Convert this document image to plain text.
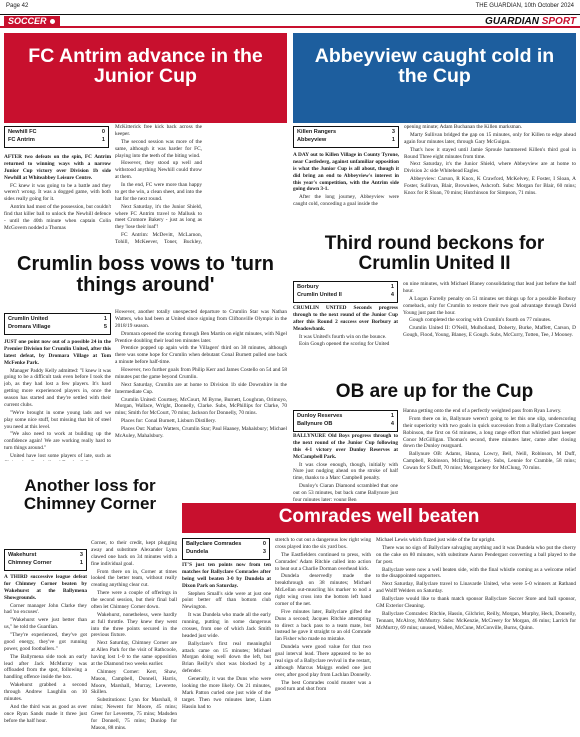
Page 42	THE GUARDIAN, 10th October 2024
SOCCER	GUARDIAN SPORT
FC Antrim advance in the Junior Cup
Newhill FC	0
FC Antrim	1

AFTER two defeats on the spin, FC Antrim returned to winning ways with a narrow Junior Cup victory over Division 1b side Newhill at Whiteabbey Leisure Centre.

FC knew it was going to be a battle and they weren't wrong. It was a dogged game, with both sides really going for it.

Antrim had most of the possession, but couldn't find that killer ball to unlock the Newhill defence - until the 40th minute when captain Colin McGovern nodded a Thomas

McKitterick free kick back across the keeper.

The second session was more of the same, although it was harder for FC, playing into the teeth of the biting wind.

However, they stood up well and withstood anything Newhill could throw at them.

In the end, FC were more than happy to get the win, a clean sheet, and into the hat for the next round.

Next Saturday, it's the Junior Shield, where FC Antrim travel to Mallusk to meet Cromore Bakery - just as long as they 'lose their loaf'!

FC Antrim: McDevitt, McLarnon, Tohill, McKeever, Toner, Buckley,

Abbeyview caught cold in the Cup
Killen Rangers	3
Abbeyview	1

A DAY out to Killen Village in County Tyrone, near Castlederg, against unfamiliar opposition is what the Junior Cup is all about, though it did bring an end to Abbeyview's interest in this year's competition, with the Antrim side going down 3-1.

After the long journey, Abbeyview were caught cold, conceding a goal inside the

opening minute; Adam Buchanan the Killen marksman.

Marty Sullivan bridged the gap on 15 minutes, only for Killen to edge ahead again four minutes later, through Gary McGuigan.

That's how it stayed until Jamie Sproule hammered Killen's third goal in Round Three eight minutes from time.

Next Saturday, it's the Junior Shield, where Abbeyview are at home to Division 2c side Whitehead Eagles.

Abbeyview: Carson, R Knox, K Crawford, McKelvey, E Foster, I Sloan, A Foster, Sullivan, Blair, Brownlees, Ashcroft. Subs: Morgan for Blair, 60 mins; Knox for R Sloan, 70 mins; Hutchinson for Simpson, 71 mins.

Crumlin boss vows to 'turn things around'
Crumlin United	1
Dromara Village	5

JUST one point now out of a possible 24 in the Premier Division for Crumlin United, after this latest defeat, by Dromara Village at Tom McFenke Park.

Manager Paddy Kelly admitted: "I knew it was going to be a difficult task even before I took the job, as they had lost a few players. It's hard getting more experienced players in, once the season has started and they're settled with their current clubs.

"We're brought in some young lads and we play some nice stuff, but missing that bit of steel you need at this level.

"We also need to work at building up the confidence again! We are working really hard to turn things around."

United have lost some players of late, such as

However, another totally unexpected departure to Crumlin Star was Nathan Watters, who had been at United since signing from Cliftonville Olympic in the 2018/19 season.

Dromara opened the scoring through Ben Martin on eight minutes, with Nigel Prentice doubling their lead ten minutes later.

Prentice popped up again with the Villagers' third on 38 minutes, although there was some hope for Crumlin when debutant Conal Burnett pulled one back a minute before half-time.

However, two further goals from Philip Kerr and James Costello on 54 and 58 minutes put the game beyond Crumlin.

Next Saturday, Crumlin are at home to Division 1b side Downshire in the Intermediate Cup.

Crumlin United: Courtney, McCourt, M Byrne, Burnett, Loughran, Orimoyo, Morgan, Wallace, Wright, Donnelly, Clarke. Subs, McPhillips for Clarke, 70 mins; Smith for McCourt, 70 mins; Jackson for Donnelly, 70 mins.

Places for: Conal Burnett, Lisburn Distillery.

Places Out: Nathan Watters, Crumlin Star; Paul Haaney, Mahalsbury; Michael McAuley, Mahalsbury.

Third round beckons for Crumlin United II
Borbury	1
Crumlin United II	4

CRUMLIN UNITED Seconds progress through to the next round of the Junior Cup after this Round 2 success over Borbury at Meadowbank.

It was United's fourth win on the bounce.

Eoin Gough opened the scoring for United

on nine minutes, with Michael Blaney consolidating that lead just before the half hour.

A Logan Farrelly penalty on 51 minutes set things up for a possible Borbury comeback, only for Crumlin to restore their two goal advantage through David Young just past the hour.

Gough completed the scoring with Crumlin's fourth on 77 minutes.

Crumlin United II: O'Neill, Mulholland, Doherty, Burke, Maffett, Carson, D Gough, Flood, Young, Blaney, E Gough. Subs, McCurry, Totten, Tee, J Mooney.

OB are up for the Cup
Dunloy Reserves	1
Ballynure OB	4

BALLYNURE Old Boys progress through to the next round of the Junior Cup following this 4-1 victory over Dunloy Reserves at McCampbell Park.

It was close enough, though, initially with Nure just nudging ahead on the stroke of half time, thanks to a Marc Campbell penalty.

Dunloy's Ciaran Diamond scrambled that one out on 53 minutes, but back came Ballynure just four minutes later; young Ben

Hanna getting onto the end of a perfectly weighted pass from Ryan Lowry.

From there on in, Ballynure weren't going to let this one slip, underscoring their superiority with two goals in quick succession from a Ballyclare Comrades Robinson, the first on 64 minutes, a long range effort that whistled past keeper Conor McGilligan. Thomas's second, three minutes later, came after closing down the Dunloy rearguard.

Ballynure OB: Adams, Hanna, Lowry, Bell, Neill, Robinson, M Duff, Campbell, Robinson, McIlring, Leckey. Subs, Lennie for Cramble, 58 mins; Cowan for S Duff, 70 mins; Montgomery for McClung, 70 mins.

Another loss for Chimney Corner
Wakehurst	3
Chimney Corner	1

A THIRD successive league defeat for Chimney Corner beaten by Wakehurst at the Ballymena Showgrounds.

Corner manager John Clarke they had 'no excuses'.

"Wakehurst were just better than us," he told the Guardian.

"They're experienced, they've got good energy, they've got running power, good footballers."

The Ballymena side took an early lead after Jack McMurray was offloaded from the spot, following a handling offence inside the box.

Wakehurst grabbed a second through Andrew Laughlin on 10 minutes.

And the third was as good as over once Ryan Sands made it three just before the half hour.

Corner, to their credit, kept plugging away and substitute Alexander Lynn clawed one back on 34 minutes with a fine individual goal.

From there on in, Corner at times looked the better team, without really creating anything clear cut.

There were a couple of offerings in the second session, but their final ball often let Chimney Corner down.

Wakehurst, nonetheless, were hardly at full throttle. They knew they went into the three points secured in the previous fixture.

Next Saturday, Chimney Corner are at Allen Park for the visit of Rathcoole, having lost 1-0 to the same opposition at the Diamond two weeks earlier.

Chimney Corner: Kerr, Shaw, Mason, Campbell, Donnell, Harris, Moore, Marshall, Murray, Leverette, Skillen.

Substitutions: Lynn for Marshall, 8 mins; Newent for Moore, 45 mins; Greer for Leverette, 75 mins; Madsden for Donnell, 75 mins; Dunlop for Mason, 88 mins.

Comrades well beaten
Ballyclare Comrades	0
Dundela	3

IT'S just ten points now from ten matches for Ballyclare Comrades after being well beaten 3-0 by Dundela at Dixon Park on Saturday.

Stephen Small's side were at just one point better off than bottom club Newington.

It was Dundela who made all the early running, putting in some dangerous crosses, from one of which Jack Smith headed just wide.

Ballyclare's first real meaningful attack came on 15 minutes; Michael Morgan doing well down the left, but Brian Reilly's shot was blocked by a defender.

Generally, it was the Duns who were looking the more likely. On 21 minutes, Mark Patton curled one just wide of the target. Then two minutes later, Liam Hassin had to

stretch to cut out a dangerous low right wing cross played into the six yard box.

The Eastfielders continued to press, with Comrades' Adam Ritchie called into action to beat out a Charlie Dorman overhead kick.

Dundela deservedly made the breakthrough on 38 minutes; Michael McLellan out-muscling his marker to nod a right wing cross into the bottom left hand corner of the net.

Five minutes later, Ballyclare gifted the Duns a second; Jacques Ritchie attempting to direct a back pass to a team mate, but instead he gave it straight to an old Comrade Ian Fisher who made no mistake.

Dundela were good value for that two goal interval lead. There appeared to be no real sign of a Ballyclare revival in the restart, although Marcus Maiggs ended one just over, after good play from Lachlan Donnelly.

The best Comrades could muster was a good turn and shot from

Michael Lewis which fizzed just wide of the far upright.

There was no sign of Ballyclare salvaging anything and it was Dundela who put the cherry on the cake on 80 minutes, with substitute Aaron Pendergast converting a ball played to the far post.

Ballyclare were now a well beaten side, with the final whistle coming as a welcome relief to the disappointed supporters.

Next Saturday, Ballyclare travel to Linavarde United, who were 5-0 winners at Rathand and Wolff Welders on Saturday.

Ballyclare would like to thank match sponsor Ballyclare Soccer Store and ball sponsor, GM Exterior Cleaning.

Ballyclare Comrades: Ritchie, Hassin, Gilchrist, Reilly, Morgan, Murphy, Heck, Donnelly, Tennant, McAlroy, McMurtry. Subs: McKenzie, McCreery for Morgan, 46 mins; Larrich for McMurtry, 69 mins; unused, Wallen, McCune, McConville, Burns, Quinn.
